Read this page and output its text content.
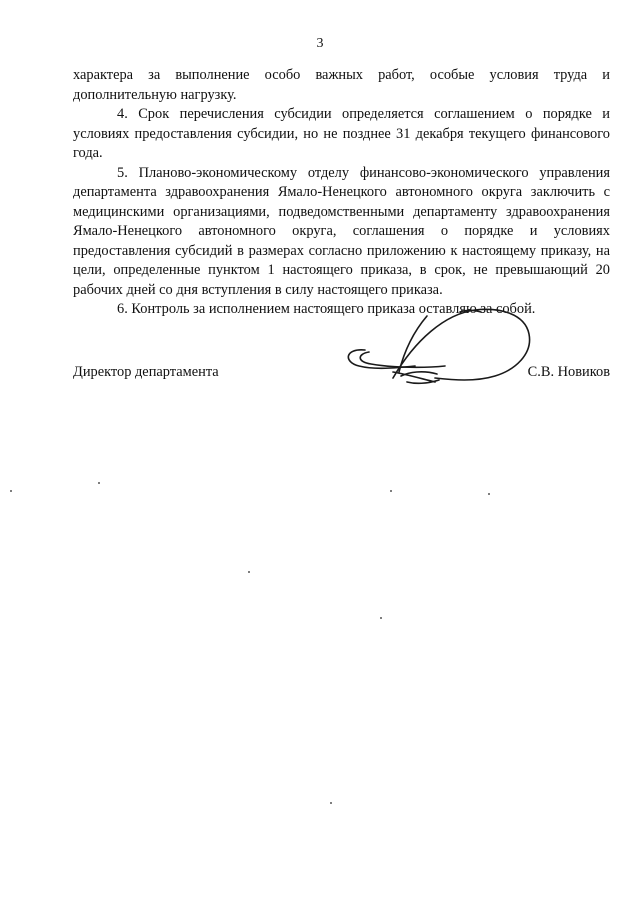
3

характера за выполнение особо важных работ, особые условия труда и дополнительную нагрузку.

4. Срок перечисления субсидии определяется соглашением о порядке и условиях предоставления субсидии, но не позднее 31 декабря текущего финансового года.

5. Планово-экономическому отделу финансово-экономического управления департамента здравоохранения Ямало-Ненецкого автономного округа заключить с медицинскими организациями, подведомственными департаменту здравоохранения Ямало-Ненецкого автономного округа, соглашения о порядке и условиях предоставления субсидий в размерах согласно приложению к настоящему приказу, на цели, определенные пунктом 1 настоящего приказа, в срок, не превышающий 20 рабочих дней со дня вступления в силу настоящего приказа.

6. Контроль за исполнением настоящего приказа оставляю за собой.

Директор департамента	С.В. Новиков
